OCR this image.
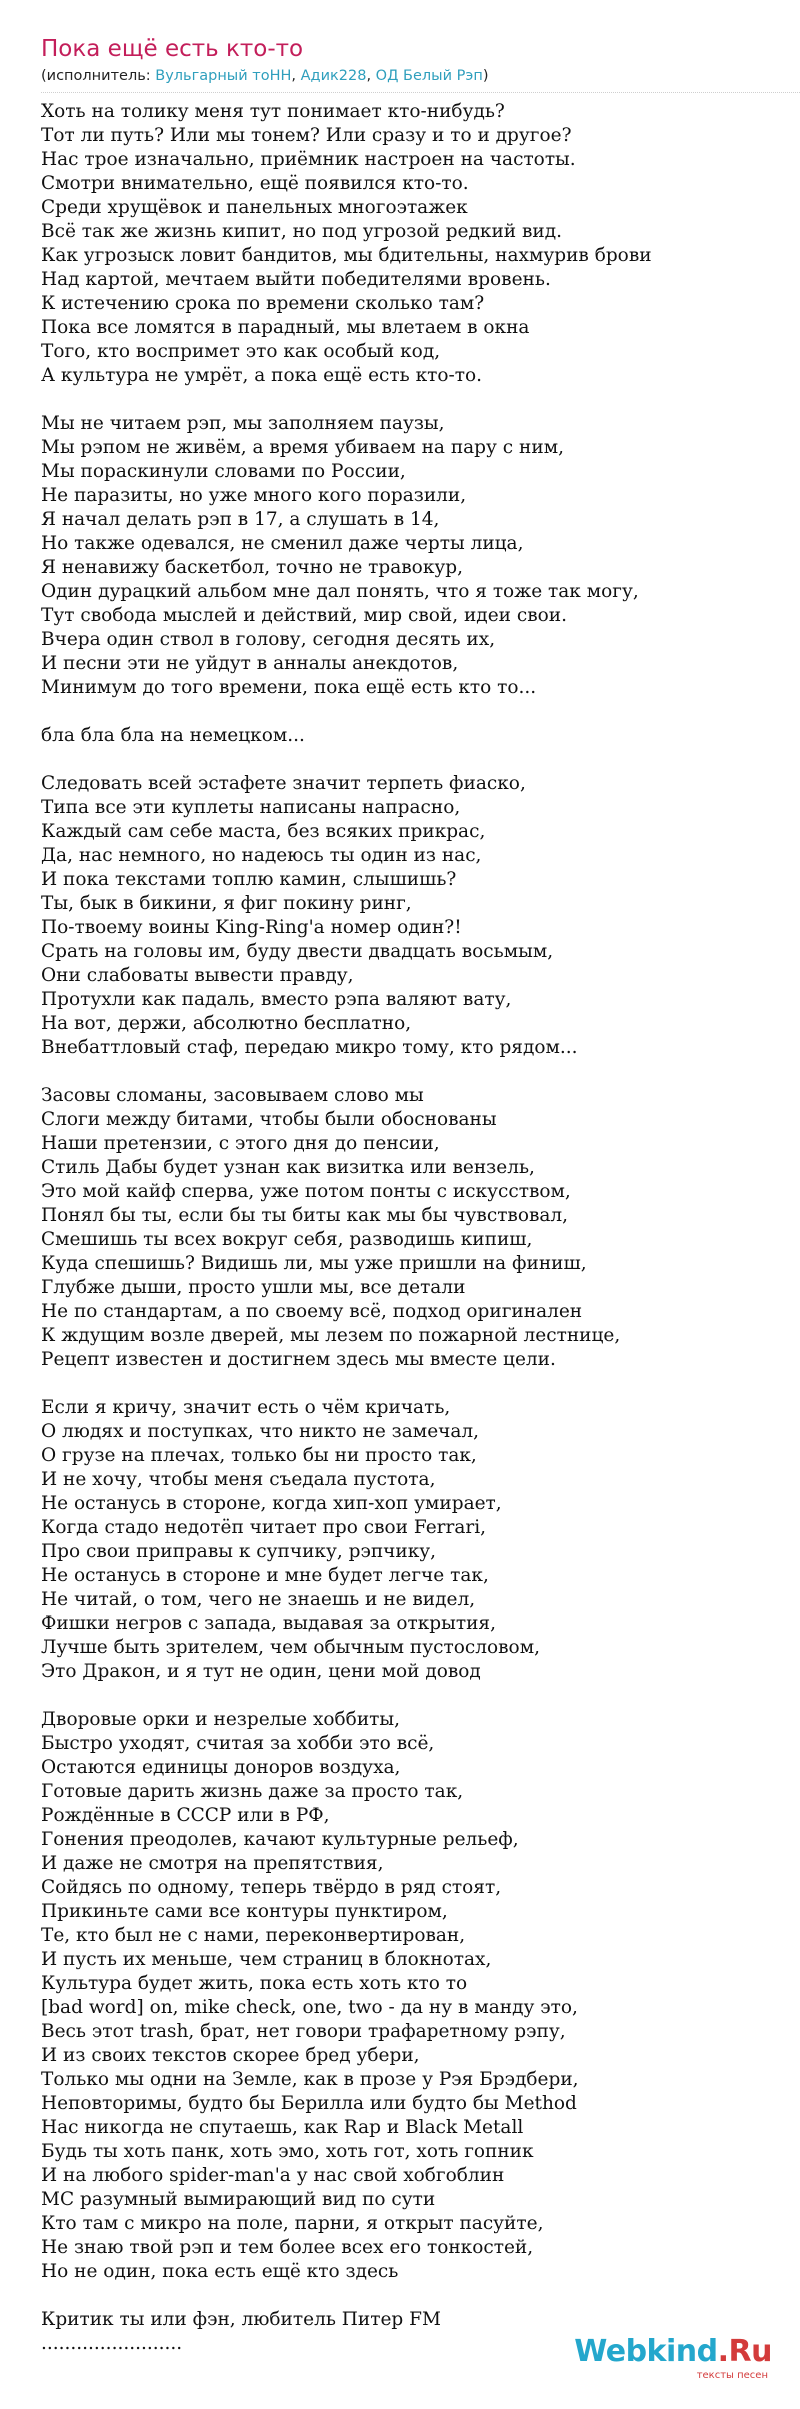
Пока ещё есть кто-то
(исполнитель: Вульгарный тоНН, Адик228, ОД Белый Рэп)
Хоть на толику меня тут понимает кто-нибудь?
Тот ли путь? Или мы тонем? Или сразу и то и другое?
Нас трое изначально, приёмник настроен на частоты.
Смотри внимательно, ещё появился кто-то.
Среди хрущёвок и панельных многоэтажек
Всё так же жизнь кипит, но под угрозой редкий вид.
Как угрозыск ловит бандитов, мы бдительны, нахмурив брови
Над картой, мечтаем выйти победителями вровень.
К истечению срока по времени сколько там?
Пока все ломятся в парадный, мы влетаем в окна
Того, кто воспримет это как особый код,
А культура не умрёт, а пока ещё есть кто-то.
Мы не читаем рэп, мы заполняем паузы,
Мы рэпом не живём, а время убиваем на пару с ним,
Мы пораскинули словами по России,
Не паразиты, но уже много кого поразили,
Я начал делать рэп в 17, а слушать в 14,
Но также одевался, не сменил даже черты лица,
Я ненавижу баскетбол, точно не травокур,
Один дурацкий альбом мне дал понять, что я тоже так могу,
Тут свобода мыслей и действий, мир свой, идеи свои.
Вчера один ствол в голову, сегодня десять их,
И песни эти не уйдут в анналы анекдотов,
Минимум до того времени, пока ещё есть кто то...
бла бла бла на немецком...
Следовать всей эстафете значит терпеть фиаско,
Типа все эти куплеты написаны напрасно,
Каждый сам себе маста, без всяких прикрас,
Да, нас немного, но надеюсь ты один из нас,
И пока текстами топлю камин, слышишь?
Ты, бык в бикини, я фиг покину ринг,
По-твоему воины King-Ring'a номер один?!
Срать на головы им, буду двести двадцать восьмым,
Они слабоваты вывести правду,
Протухли как падаль, вместо рэпа валяют вату,
На вот, держи, абсолютно бесплатно,
Внебаттловый стаф, передаю микро тому, кто рядом...
Засовы сломаны, засовываем слово мы
Слоги между битами, чтобы были обоснованы
Наши претензии, с этого дня до пенсии,
Стиль Дабы будет узнан как визитка или вензель,
Это мой кайф сперва, уже потом понты с искусством,
Понял бы ты, если бы ты биты как мы бы чувствовал,
Смешишь ты всех вокруг себя, разводишь кипиш,
Куда спешишь? Видишь ли, мы уже пришли на финиш,
Глубже дыши, просто ушли мы, все детали
Не по стандартам, а по своему всё, подход оригинален
К ждущим возле дверей, мы лезем по пожарной лестнице,
Рецепт известен и достигнем здесь мы вместе цели.
Если я кричу, значит есть о чём кричать,
О людях и поступках, что никто не замечал,
О грузе на плечах, только бы ни просто так,
И не хочу, чтобы меня съедала пустота,
Не останусь в стороне, когда хип-хоп умирает,
Когда стадо недотёп читает про свои Ferrari,
Про свои приправы к супчику, рэпчику,
Не останусь в стороне и мне будет легче так,
Не читай, о том, чего не знаешь и не видел,
Фишки негров с запада, выдавая за открытия,
Лучше быть зрителем, чем обычным пустословом,
Это Дракон, и я тут не один, цени мой довод
Дворовые орки и незрелые хоббиты,
Быстро уходят, считая за хобби это всё,
Остаются единицы доноров воздуха,
Готовые дарить жизнь даже за просто так,
Рождённые в СССР или в РФ,
Гонения преодолев, качают культурные рельеф,
И даже не смотря на препятствия,
Сойдясь по одному, теперь твёрдо в ряд стоят,
Прикиньте сами все контуры пунктиром,
Те, кто был не с нами, переконвертирован,
И пусть их меньше, чем страниц в блокнотах,
Культура будет жить, пока есть хоть кто то
[bad word] on, mike check, one, two - да ну в манду это,
Весь этот trash, брат, нет говори трафаретному рэпу,
И из своих текстов скорее бред убери,
Только мы одни на Земле, как в прозе у Рэя Брэдбери,
Неповторимы, будто бы Берилла или будто бы Method
Нас никогда не спутаешь, как Rap и Black Metall
Будь ты хоть панк, хоть эмо, хоть гот, хоть гопник
И на любого spider-man'a у нас свой хобгоблин
МС разумный вымирающий вид по сути
Кто там с микро на поле, парни, я открыт пасуйте,
Не знаю твой рэп и тем более всех его тонкостей,
Но не один, пока есть ещё кто здесь
Критик ты или фэн, любитель Питер FM
........................	Webkind.Ru
тексты песен
